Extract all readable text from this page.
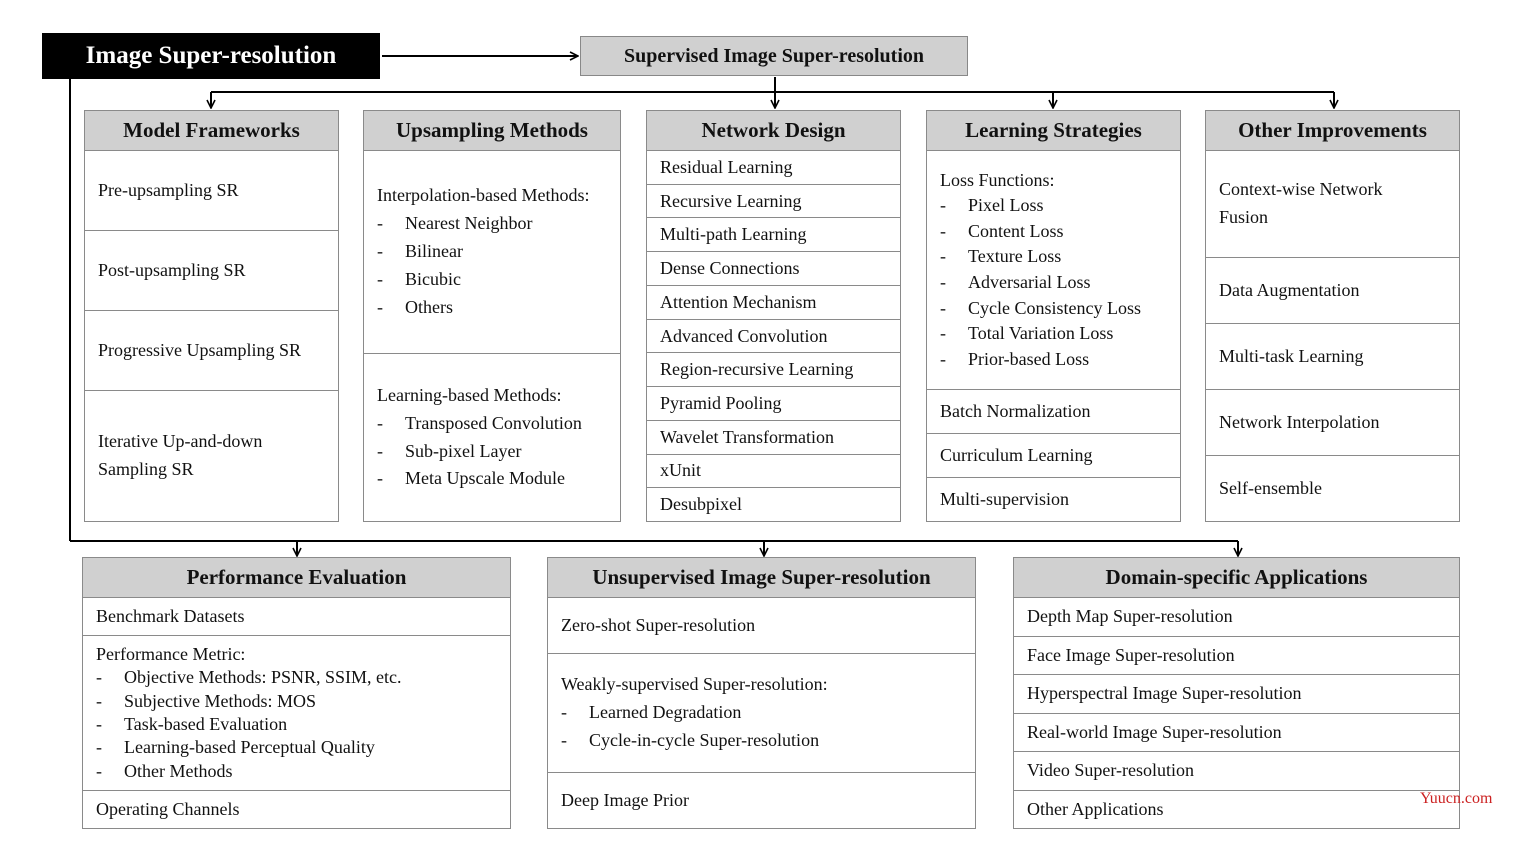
Image Super-resolution	Supervised Image Super-resolution
Model Frameworks
Pre-upsampling SR
Post-upsampling SR
Progressive Upsampling SR
Iterative Up-and-down
Sampling SR
Upsampling Methods
Interpolation-based Methods:
- Nearest Neighbor
- Bilinear
- Bicubic
- Others
Learning-based Methods:
- Transposed Convolution
- Sub-pixel Layer
- Meta Upscale Module
Network Design
Residual Learning
Recursive Learning
Multi-path Learning
Dense Connections
Attention Mechanism
Advanced Convolution
Region-recursive Learning
Pyramid Pooling
Wavelet Transformation
xUnit
Desubpixel
Learning Strategies
Loss Functions:
- Pixel Loss
- Content Loss
- Texture Loss
- Adversarial Loss
- Cycle Consistency Loss
- Total Variation Loss
- Prior-based Loss
Batch Normalization
Curriculum Learning
Multi-supervision
Other Improvements
Context-wise Network
Fusion
Data Augmentation
Multi-task Learning
Network Interpolation
Self-ensemble
Performance Evaluation
Benchmark Datasets
Performance Metric:
- Objective Methods: PSNR, SSIM, etc.
- Subjective Methods: MOS
- Task-based Evaluation
- Learning-based Perceptual Quality
- Other Methods
Operating Channels
Unsupervised Image Super-resolution
Zero-shot Super-resolution
Weakly-supervised Super-resolution:
- Learned Degradation
- Cycle-in-cycle Super-resolution
Deep Image Prior
Domain-specific Applications
Depth Map Super-resolution
Face Image Super-resolution
Hyperspectral Image Super-resolution
Real-world Image Super-resolution
Video Super-resolution
Other Applications
Yuucn.com
